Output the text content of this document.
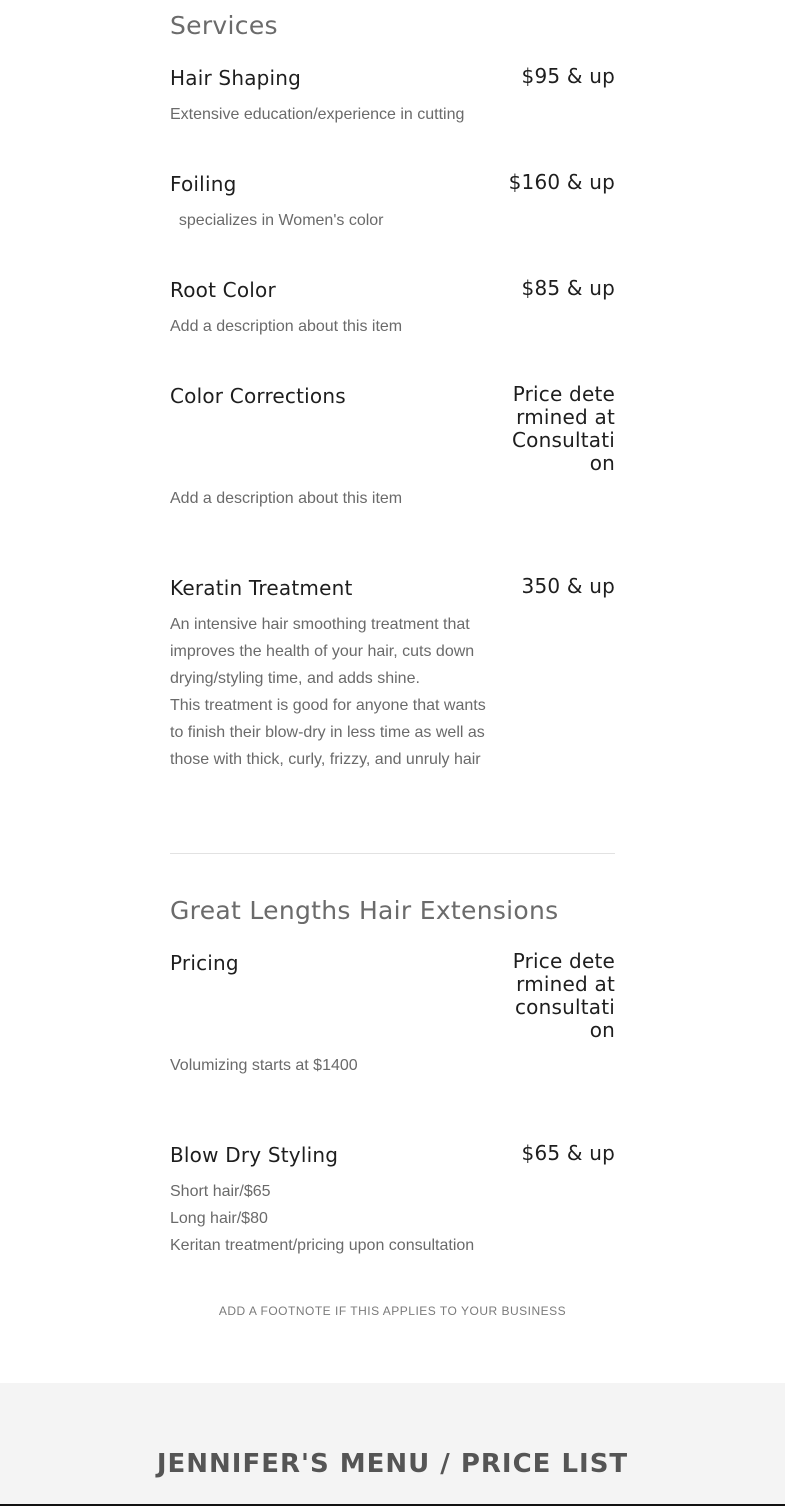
Services
Hair Shaping	$95 & up
Extensive education/experience in cutting
Foiling	$160 & up
specializes in Women's color
Root Color	$85 & up
Add a description about this item
Color Corrections	Price determined at Consultation
Add a description about this item
Keratin Treatment	350 & up
An intensive hair smoothing treatment that improves the health of your hair, cuts down drying/styling time, and adds shine.
This treatment is good for anyone that wants to finish their blow-dry in less time as well as those with thick, curly, frizzy, and unruly hair
Great Lengths Hair Extensions
Pricing	Price determined at consultation
Volumizing starts at $1400
Blow Dry Styling	$65 & up
Short hair/$65
Long hair/$80
Keritan treatment/pricing upon consultation
ADD A FOOTNOTE IF THIS APPLIES TO YOUR BUSINESS
JENNIFER'S MENU / PRICE LIST
